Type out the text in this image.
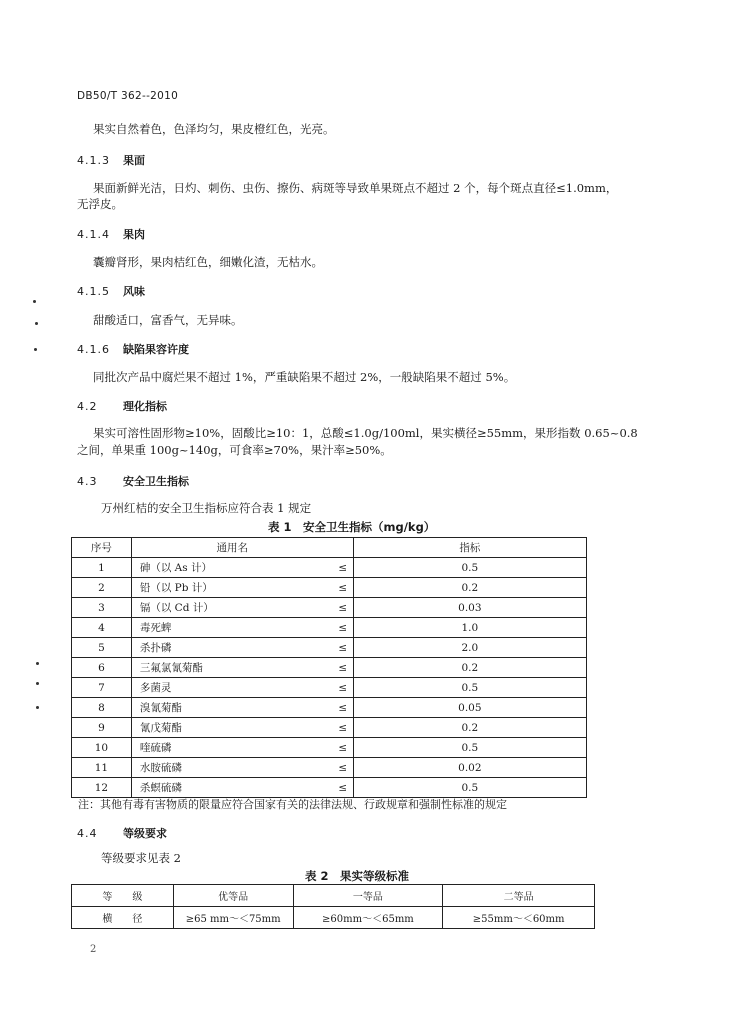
DB50/T 362--2010
果实自然着色，色泽均匀，果皮橙红色，光亮。
4.1.3 果面
果面新鲜光洁，日灼、刺伤、虫伤、擦伤、病斑等导致单果斑点不超过 2 个，每个斑点直径≤1.0mm，
无浮皮。
4.1.4 果肉
囊瓣肾形，果肉桔红色，细嫩化渣，无枯水。
4.1.5 风味
甜酸适口，富香气，无异味。
4.1.6 缺陷果容许度
同批次产品中腐烂果不超过 1%，严重缺陷果不超过 2%，一般缺陷果不超过 5%。
4.2 理化指标
果实可溶性固形物≥10%，固酸比≥10：1，总酸≤1.0g/100ml，果实横径≥55mm，果形指数 0.65~0.8
之间，单果重 100g~140g，可食率≥70%，果汁率≥50%。
4.3 安全卫生指标
万州红桔的安全卫生指标应符合表 1 规定
表 1　安全卫生指标（mg/kg）
序号	通用名		指标
1	砷（以 As 计）	≤	0.5
2	铅（以 Pb 计）	≤	0.2
3	镉（以 Cd 计）	≤	0.03
4	毒死蜱	≤	1.0
5	杀扑磷	≤	2.0
6	三氟氯氰菊酯	≤	0.2
7	多菌灵	≤	0.5
8	溴氰菊酯	≤	0.05
9	氰戊菊酯	≤	0.2
10	喹硫磷	≤	0.5
11	水胺硫磷	≤	0.02
12	杀螟硫磷	≤	0.5
注：其他有毒有害物质的限量应符合国家有关的法律法规、行政规章和强制性标准的规定
4.4 等级要求
等级要求见表 2
表 2　果实等级标准
等　　级	优等品	一等品	二等品
横　　径	≥65 mm～＜75mm	≥60mm～＜65mm	≥55mm～＜60mm
2
